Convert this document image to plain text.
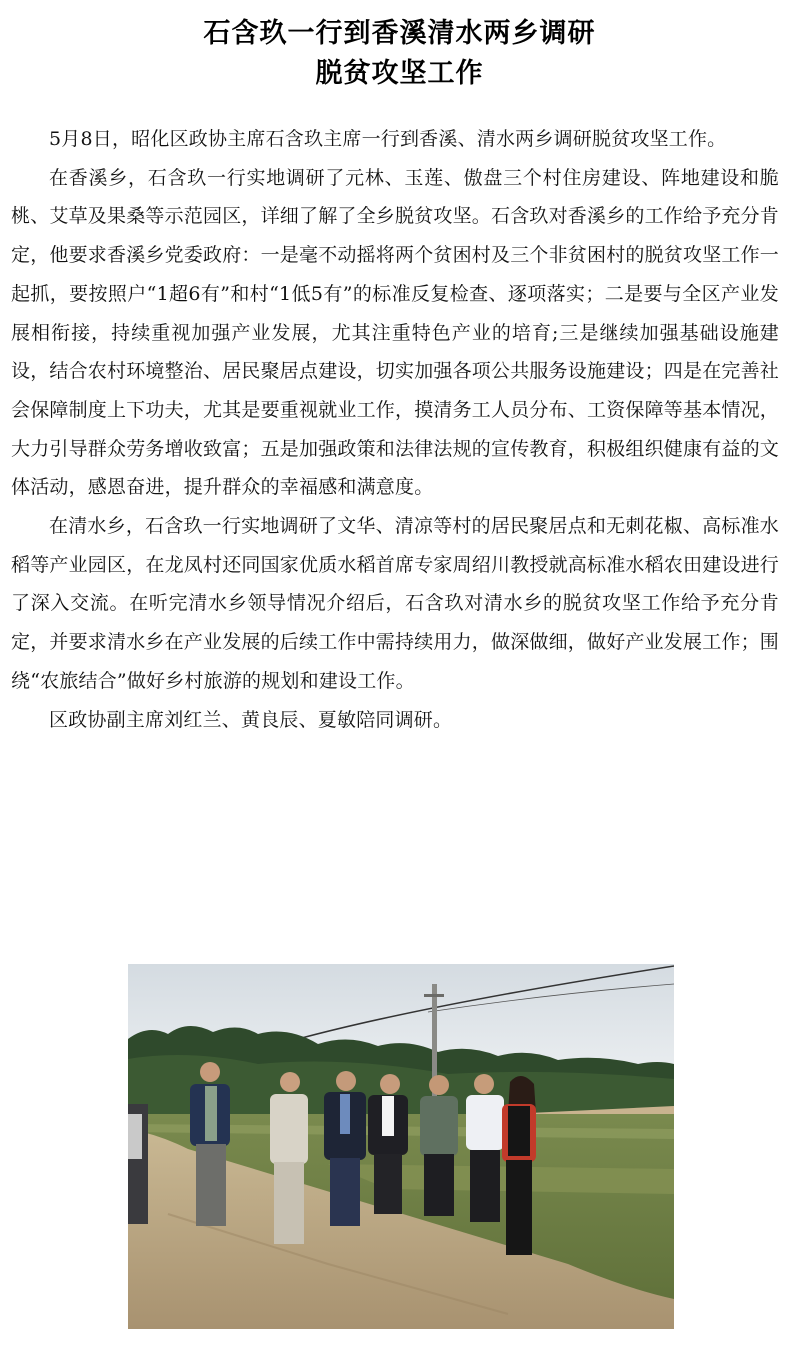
石含玖一行到香溪清水两乡调研
脱贫攻坚工作

5月8日，昭化区政协主席石含玖主席一行到香溪、清水两乡调研脱贫攻坚工作。

在香溪乡，石含玖一行实地调研了元林、玉莲、傲盘三个村住房建设、阵地建设和脆桃、艾草及果桑等示范园区，详细了解了全乡脱贫攻坚。石含玖对香溪乡的工作给予充分肯定，他要求香溪乡党委政府：一是毫不动摇将两个贫困村及三个非贫困村的脱贫攻坚工作一起抓，要按照户“1超6有”和村“1低5有”的标准反复检查、逐项落实；二是要与全区产业发展相衔接，持续重视加强产业发展，尤其注重特色产业的培育;三是继续加强基础设施建设，结合农村环境整治、居民聚居点建设，切实加强各项公共服务设施建设；四是在完善社会保障制度上下功夫，尤其是要重视就业工作，摸清务工人员分布、工资保障等基本情况，大力引导群众劳务增收致富；五是加强政策和法律法规的宣传教育，积极组织健康有益的文体活动，感恩奋进，提升群众的幸福感和满意度。

在清水乡，石含玖一行实地调研了文华、清凉等村的居民聚居点和无刺花椒、高标准水稻等产业园区，在龙凤村还同国家优质水稻首席专家周绍川教授就高标准水稻农田建设进行了深入交流。在听完清水乡领导情况介绍后，石含玖对清水乡的脱贫攻坚工作给予充分肯定，并要求清水乡在产业发展的后续工作中需持续用力，做深做细，做好产业发展工作；围绕“农旅结合”做好乡村旅游的规划和建设工作。

区政协副主席刘红兰、黄良辰、夏敏陪同调研。
